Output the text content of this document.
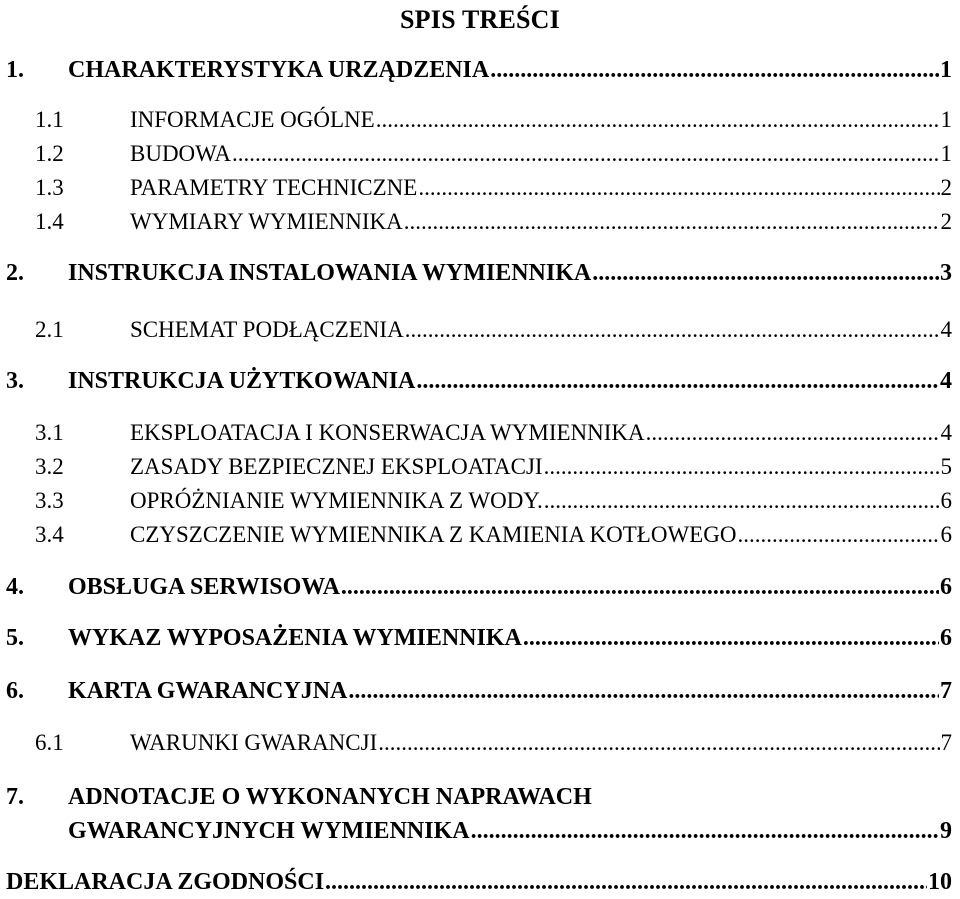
SPIS TREŚCI
1. CHARAKTERYSTYKA URZĄDZENIA .....	1
1.1	INFORMACJE OGÓLNE .....	1
1.2	BUDOWA .....	1
1.3	PARAMETRY TECHNICZNE .....	2
1.4	WYMIARY WYMIENNIKA .....	2
2. INSTRUKCJA INSTALOWANIA WYMIENNIKA .....	3
2.1	SCHEMAT PODŁĄCZENIA .....	4
3. INSTRUKCJA UŻYTKOWANIA .....	4
3.1	EKSPLOATACJA I KONSERWACJA WYMIENNIKA .....	4
3.2	ZASADY BEZPIECZNEJ EKSPLOATACJI .....	5
3.3	OPRÓŻNIANIE WYMIENNIKA Z WODY. .....	6
3.4	CZYSZCZENIE WYMIENNIKA Z KAMIENIA KOTŁOWEGO .....	6
4. OBSŁUGA SERWISOWA .....	6
5. WYKAZ WYPOSAŻENIA WYMIENNIKA .....	6
6. KARTA GWARANCYJNA .....	7
6.1	WARUNKI GWARANCJI .....	7
7. ADNOTACJE O WYKONANYCH NAPRAWACH
GWARANCYJNYCH WYMIENNIKA .....	9
DEKLARACJA ZGODNOŚCI .....	10
